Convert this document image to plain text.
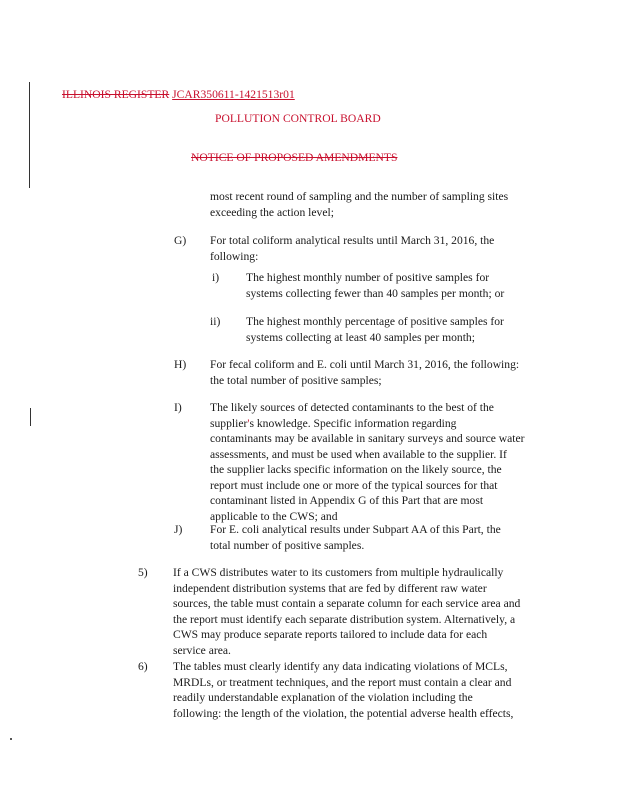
ILLINOIS REGISTER JCAR350611-1421513r01
POLLUTION CONTROL BOARD
NOTICE OF PROPOSED AMENDMENTS
most recent round of sampling and the number of sampling sites
exceeding the action level;
G) For total coliform analytical results until March 31, 2016, the
following:
i) The highest monthly number of positive samples for
systems collecting fewer than 40 samples per month; or
ii) The highest monthly percentage of positive samples for
systems collecting at least 40 samples per month;
H) For fecal coliform and E. coli until March 31, 2016, the following:
the total number of positive samples;
I) The likely sources of detected contaminants to the best of the
supplier's knowledge. Specific information regarding
contaminants may be available in sanitary surveys and source water
assessments, and must be used when available to the supplier. If
the supplier lacks specific information on the likely source, the
report must include one or more of the typical sources for that
contaminant listed in Appendix G of this Part that are most
applicable to the CWS; and
J) For E. coli analytical results under Subpart AA of this Part, the
total number of positive samples.
5) If a CWS distributes water to its customers from multiple hydraulically
independent distribution systems that are fed by different raw water
sources, the table must contain a separate column for each service area and
the report must identify each separate distribution system. Alternatively, a
CWS may produce separate reports tailored to include data for each
service area.
6) The tables must clearly identify any data indicating violations of MCLs,
MRDLs, or treatment techniques, and the report must contain a clear and
readily understandable explanation of the violation including the
following: the length of the violation, the potential adverse health effects,
